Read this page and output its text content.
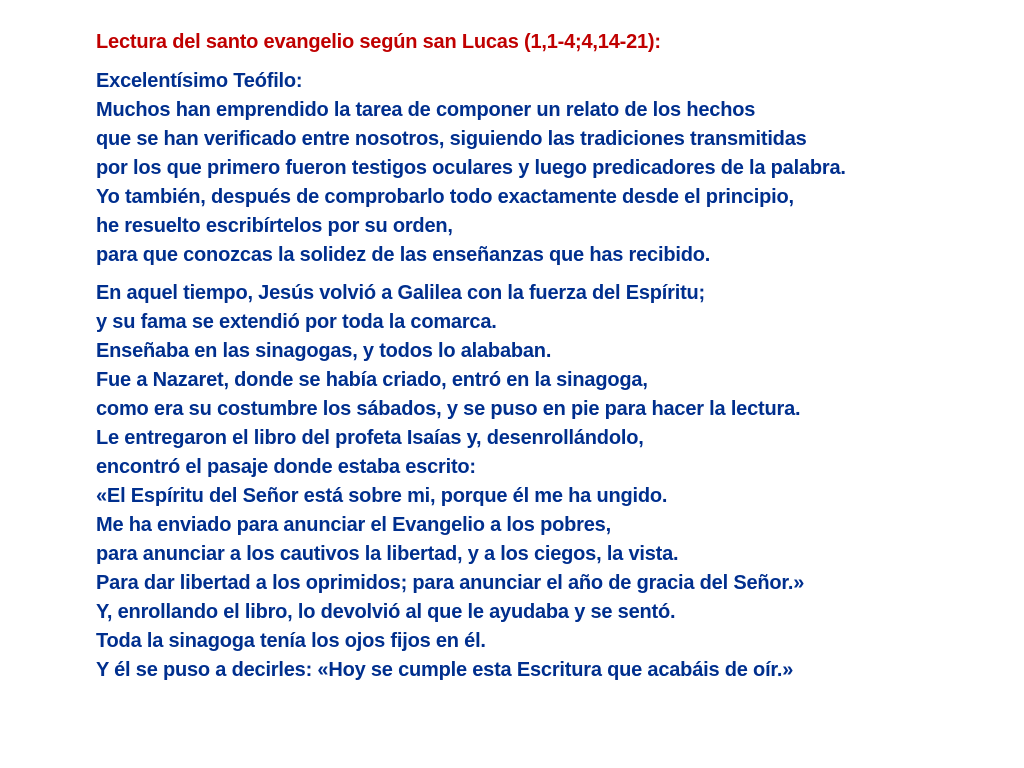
Lectura del santo evangelio según san Lucas (1,1-4;4,14-21):
Excelentísimo Teófilo:
Muchos han emprendido la tarea de componer un relato de los hechos
que se han verificado entre nosotros, siguiendo las tradiciones transmitidas
por los que primero fueron testigos oculares y luego predicadores de la palabra.
Yo también, después de comprobarlo todo exactamente desde el principio,
he resuelto escribírtelos por su orden,
para que conozcas la solidez de las enseñanzas que has recibido.
En aquel tiempo, Jesús volvió a Galilea con la fuerza del Espíritu;
y su fama se extendió por toda la comarca.
Enseñaba en las sinagogas, y todos lo alababan.
Fue a Nazaret, donde se había criado, entró en la sinagoga,
como era su costumbre los sábados, y se puso en pie para hacer la lectura.
Le entregaron el libro del profeta Isaías y, desenrollándolo,
encontró el pasaje donde estaba escrito:
«El Espíritu del Señor está sobre mi, porque él me ha ungido.
Me ha enviado para anunciar el Evangelio a los pobres,
para anunciar a los cautivos la libertad, y a los ciegos, la vista.
Para dar libertad a los oprimidos; para anunciar el año de gracia del Señor.»
Y, enrollando el libro, lo devolvió al que le ayudaba y se sentó.
Toda la sinagoga tenía los ojos fijos en él.
Y él se puso a decirles: «Hoy se cumple esta Escritura que acabáis de oír.»
